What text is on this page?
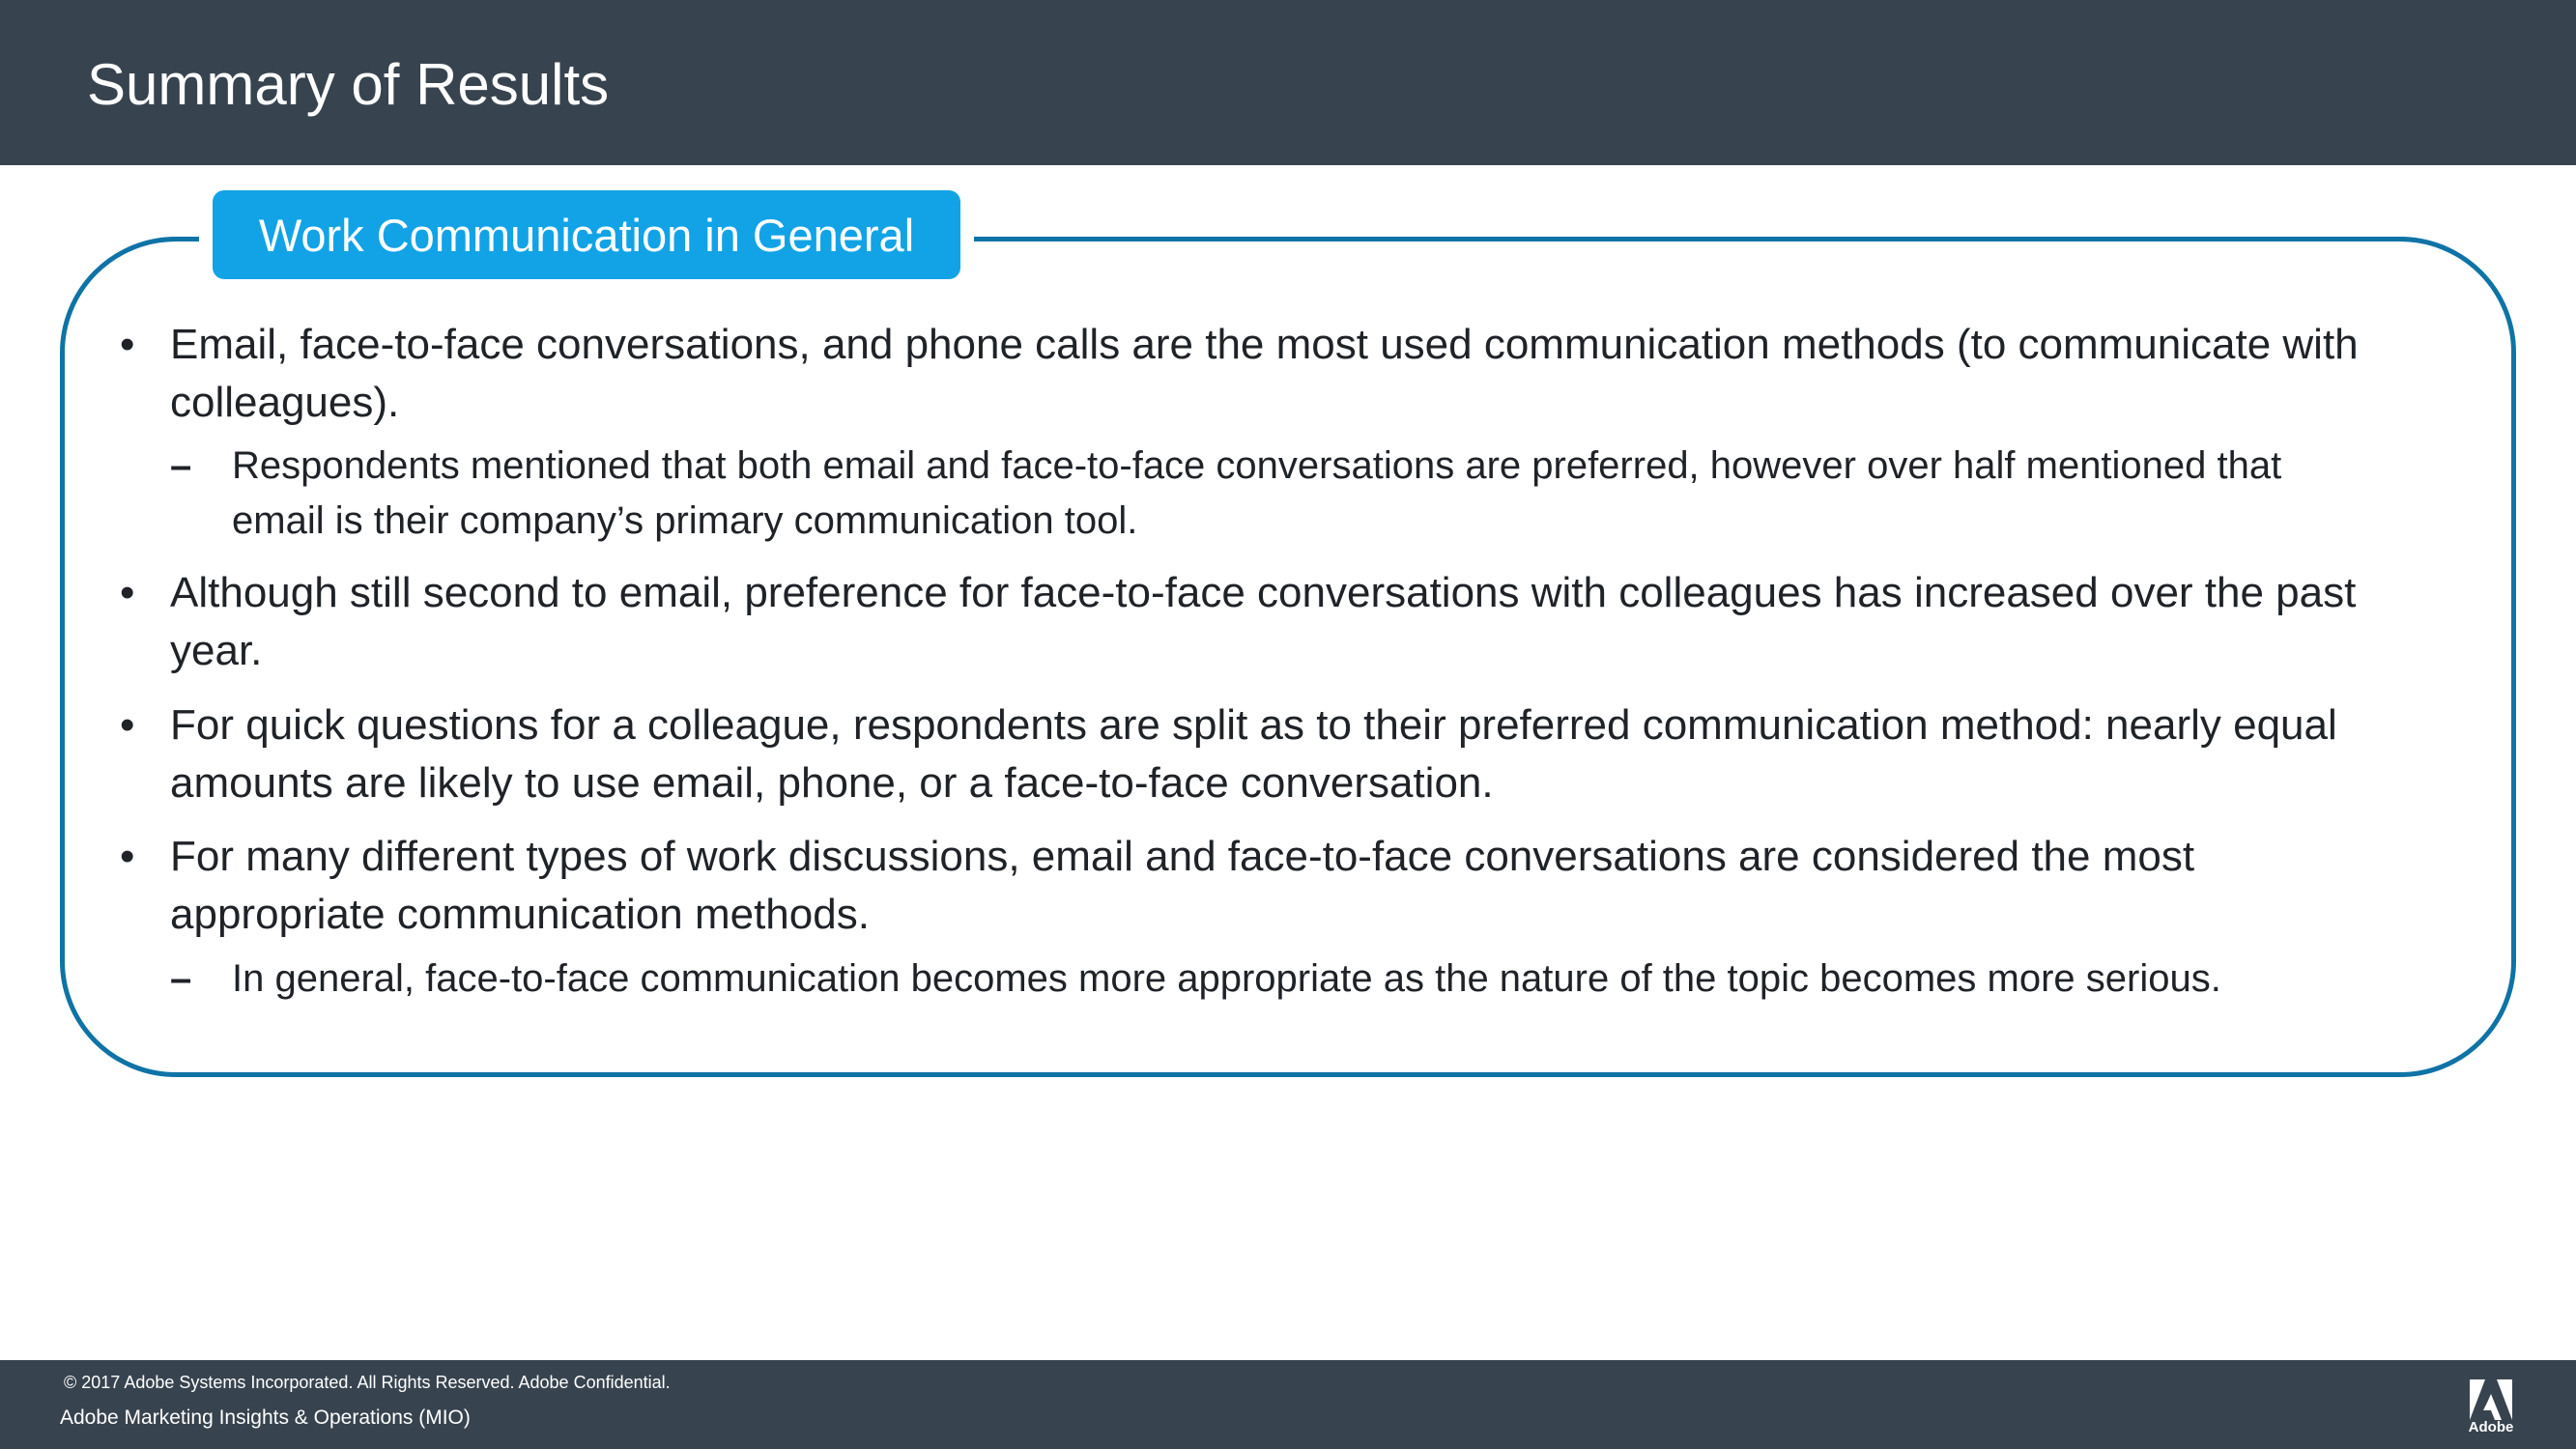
Summary of Results
Work Communication in General
• Email, face-to-face conversations, and phone calls are the most used communication methods (to communicate with
colleagues).
– Respondents mentioned that both email and face-to-face conversations are preferred, however over half mentioned that
email is their company’s primary communication tool.
• Although still second to email, preference for face-to-face conversations with colleagues has increased over the past
year.
• For quick questions for a colleague, respondents are split as to their preferred communication method: nearly equal
amounts are likely to use email, phone, or a face-to-face conversation.
• For many different types of work discussions, email and face-to-face conversations are considered the most
appropriate communication methods.
– In general, face-to-face communication becomes more appropriate as the nature of the topic becomes more serious.
© 2017 Adobe Systems Incorporated. All Rights Reserved. Adobe Confidential.
Adobe Marketing Insights & Operations (MIO)	Adobe
